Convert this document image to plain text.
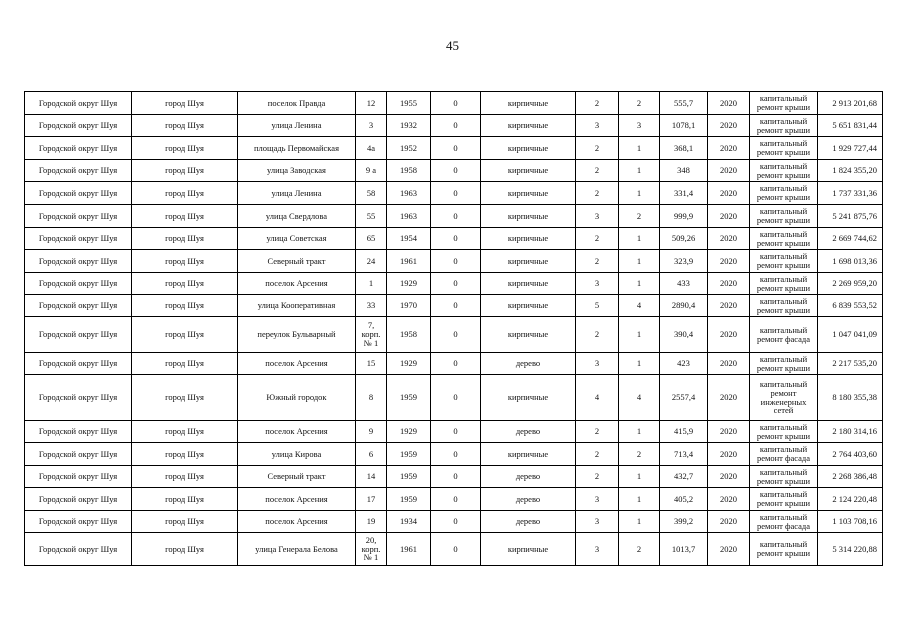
45
Городской округ Шуя	город Шуя	поселок Правда	12	1955	0	кирпичные	2	2	555,7	2020	капитальный ремонт крыши	2 913 201,68
Городской округ Шуя	город Шуя	улица Ленина	3	1932	0	кирпичные	3	3	1078,1	2020	капитальный ремонт крыши	5 651 831,44
Городской округ Шуя	город Шуя	площадь Первомайская	4а	1952	0	кирпичные	2	1	368,1	2020	капитальный ремонт крыши	1 929 727,44
Городской округ Шуя	город Шуя	улица Заводская	9 а	1958	0	кирпичные	2	1	348	2020	капитальный ремонт крыши	1 824 355,20
Городской округ Шуя	город Шуя	улица Ленина	58	1963	0	кирпичные	2	1	331,4	2020	капитальный ремонт крыши	1 737 331,36
Городской округ Шуя	город Шуя	улица Свердлова	55	1963	0	кирпичные	3	2	999,9	2020	капитальный ремонт крыши	5 241 875,76
Городской округ Шуя	город Шуя	улица Советская	65	1954	0	кирпичные	2	1	509,26	2020	капитальный ремонт крыши	2 669 744,62
Городской округ Шуя	город Шуя	Северный тракт	24	1961	0	кирпичные	2	1	323,9	2020	капитальный ремонт крыши	1 698 013,36
Городской округ Шуя	город Шуя	поселок Арсения	1	1929	0	кирпичные	3	1	433	2020	капитальный ремонт крыши	2 269 959,20
Городской округ Шуя	город Шуя	улица Кооперативная	33	1970	0	кирпичные	5	4	2890,4	2020	капитальный ремонт крыши	6 839 553,52
Городской округ Шуя	город Шуя	переулок Бульварный	7, корп. № 1	1958	0	кирпичные	2	1	390,4	2020	капитальный ремонт фасада	1 047 041,09
Городской округ Шуя	город Шуя	поселок Арсения	15	1929	0	дерево	3	1	423	2020	капитальный ремонт крыши	2 217 535,20
Городской округ Шуя	город Шуя	Южный городок	8	1959	0	кирпичные	4	4	2557,4	2020	капитальный ремонт инженерных сетей	8 180 355,38
Городской округ Шуя	город Шуя	поселок Арсения	9	1929	0	дерево	2	1	415,9	2020	капитальный ремонт крыши	2 180 314,16
Городской округ Шуя	город Шуя	улица Кирова	6	1959	0	кирпичные	2	2	713,4	2020	капитальный ремонт фасада	2 764 403,60
Городской округ Шуя	город Шуя	Северный тракт	14	1959	0	дерево	2	1	432,7	2020	капитальный ремонт крыши	2 268 386,48
Городской округ Шуя	город Шуя	поселок Арсения	17	1959	0	дерево	3	1	405,2	2020	капитальный ремонт крыши	2 124 220,48
Городской округ Шуя	город Шуя	поселок Арсения	19	1934	0	дерево	3	1	399,2	2020	капитальный ремонт фасада	1 103 708,16
Городской округ Шуя	город Шуя	улица Генерала Белова	20, корп. № 1	1961	0	кирпичные	3	2	1013,7	2020	капитальный ремонт крыши	5 314 220,88
